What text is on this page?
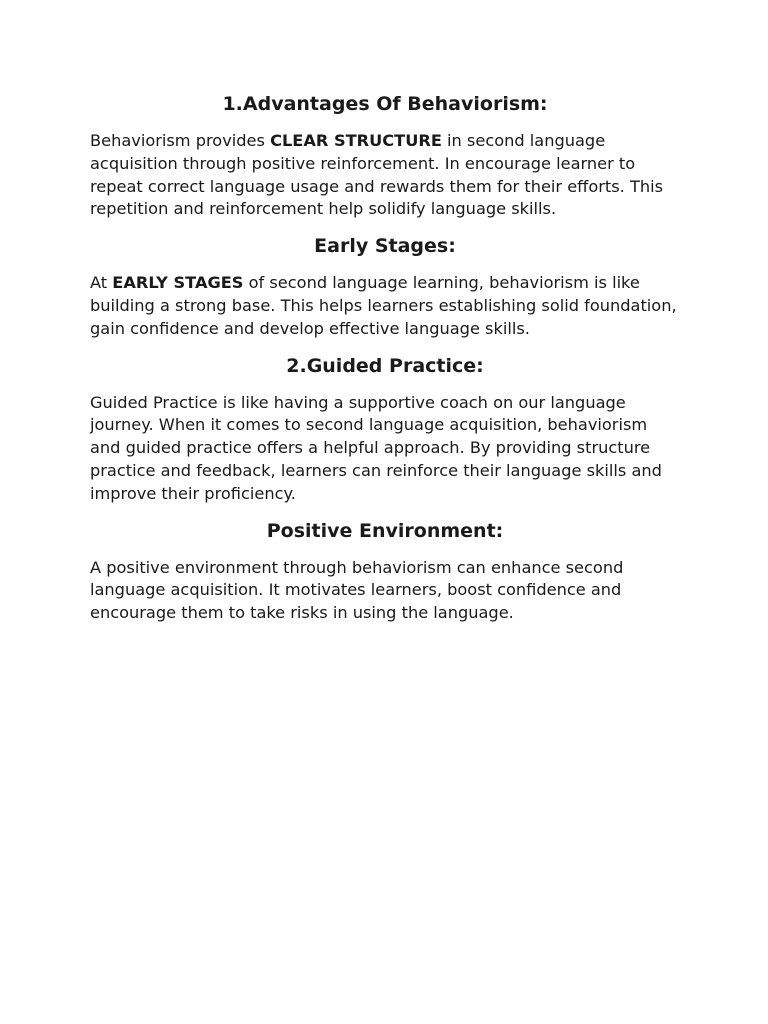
1.Advantages Of Behaviorism:

Behaviorism provides CLEAR STRUCTURE in second language acquisition through positive reinforcement. In encourage learner to repeat correct language usage and rewards them for their efforts. This repetition and reinforcement help solidify language skills.

Early Stages:

At EARLY STAGES of second language learning, behaviorism is like building a strong base. This helps learners establishing solid foundation, gain confidence and develop effective language skills.

2.Guided Practice:

Guided Practice is like having a supportive coach on our language journey. When it comes to second language acquisition, behaviorism and guided practice offers a helpful approach. By providing structure practice and feedback, learners can reinforce their language skills and improve their proficiency.

Positive Environment:

A positive environment through behaviorism can enhance second language acquisition. It motivates learners, boost confidence and encourage them to take risks in using the language.
